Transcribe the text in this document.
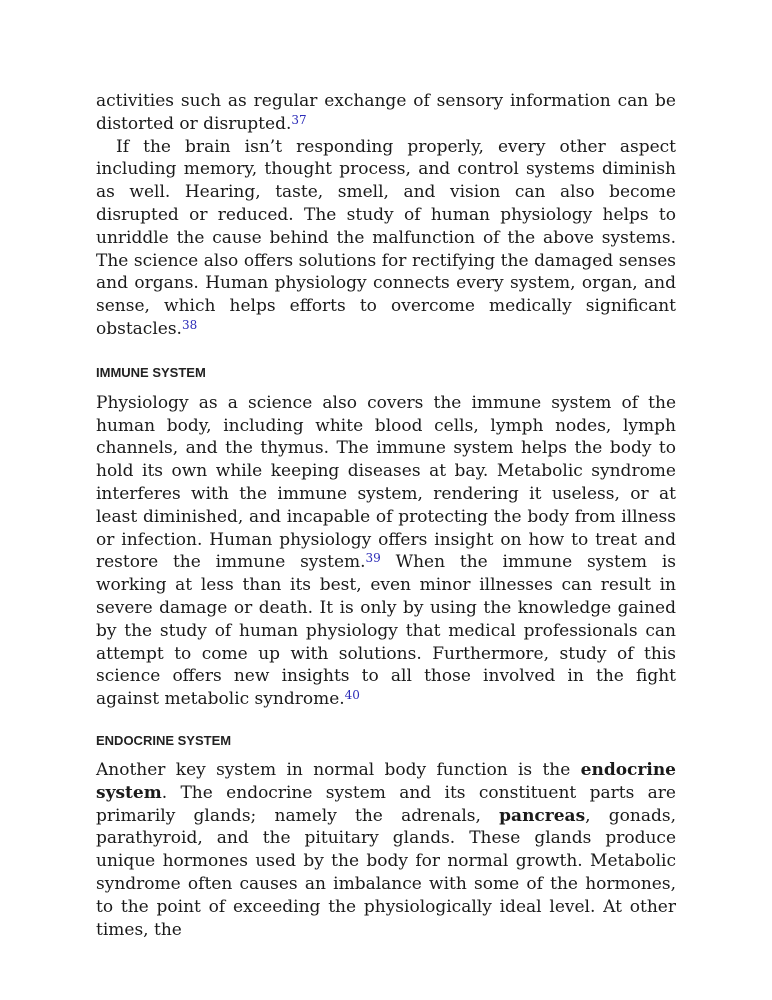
activities such as regular exchange of sensory information can be distorted or disrupted.$^{37}$

If the brain isn’t responding properly, every other aspect including memory, thought process, and control systems diminish as well. Hearing, taste, smell, and vision can also become disrupted or reduced. The study of human physiology helps to unriddle the cause behind the malfunction of the above systems. The science also offers solutions for rectifying the damaged senses and organs. Human physiology connects every system, organ, and sense, which helps efforts to overcome medically significant obstacles.$^{38}$

IMMUNE SYSTEM

Physiology as a science also covers the immune system of the human body, including white blood cells, lymph nodes, lymph channels, and the thymus. The immune system helps the body to hold its own while keeping diseases at bay. Metabolic syndrome interferes with the immune system, rendering it useless, or at least diminished, and incapable of protecting the body from illness or infection. Human physiology offers insight on how to treat and restore the immune system.$^{39}$ When the immune system is working at less than its best, even minor illnesses can result in severe damage or death. It is only by using the knowledge gained by the study of human physiology that medical professionals can attempt to come up with solutions. Furthermore, study of this science offers new insights to all those involved in the fight against metabolic syndrome.$^{40}$

ENDOCRINE SYSTEM

Another key system in normal body function is the endocrine system. The endocrine system and its constituent parts are primarily glands; namely the adrenals, pancreas, gonads, parathyroid, and the pituitary glands. These glands produce unique hormones used by the body for normal growth. Metabolic syndrome often causes an imbalance with some of the hormones, to the point of exceeding the physiologically ideal level. At other times, the
